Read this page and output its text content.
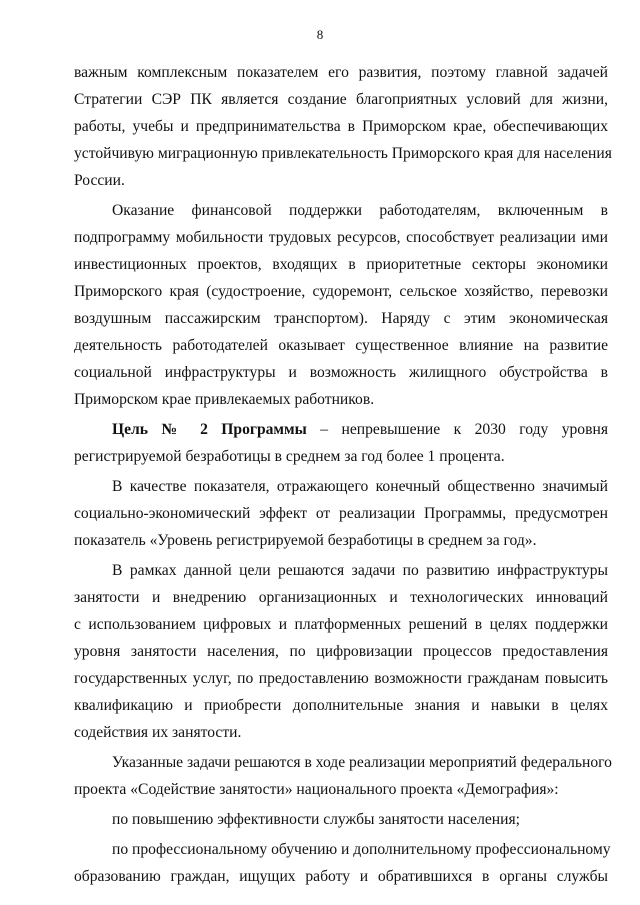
8
важным комплексным показателем его развития, поэтому главной задачей
Стратегии СЭР ПК является создание благоприятных условий для жизни,
работы, учебы и предпринимательства в Приморском крае, обеспечивающих
устойчивую миграционную привлекательность Приморского края для населения
России.
Оказание финансовой поддержки работодателям, включенным в
подпрограмму мобильности трудовых ресурсов, способствует реализации ими
инвестиционных проектов, входящих в приоритетные секторы экономики
Приморского края (судостроение, судоремонт, сельское хозяйство, перевозки
воздушным пассажирским транспортом). Наряду с этим экономическая
деятельность работодателей оказывает существенное влияние на развитие
социальной инфраструктуры и возможность жилищного обустройства в
Приморском крае привлекаемых работников.
Цель № 2 Программы – непревышение к 2030 году уровня
регистрируемой безработицы в среднем за год более 1 процента.
В качестве показателя, отражающего конечный общественно значимый
социально-экономический эффект от реализации Программы, предусмотрен
показатель «Уровень регистрируемой безработицы в среднем за год».
В рамках данной цели решаются задачи по развитию инфраструктуры
занятости и внедрению организационных и технологических инноваций
с использованием цифровых и платформенных решений в целях поддержки
уровня занятости населения, по цифровизации процессов предоставления
государственных услуг, по предоставлению возможности гражданам повысить
квалификацию и приобрести дополнительные знания и навыки в целях
содействия их занятости.
Указанные задачи решаются в ходе реализации мероприятий федерального
проекта «Содействие занятости» национального проекта «Демография»:
по повышению эффективности службы занятости населения;
по профессиональному обучению и дополнительному профессиональному
образованию граждан, ищущих работу и обратившихся в органы службы
